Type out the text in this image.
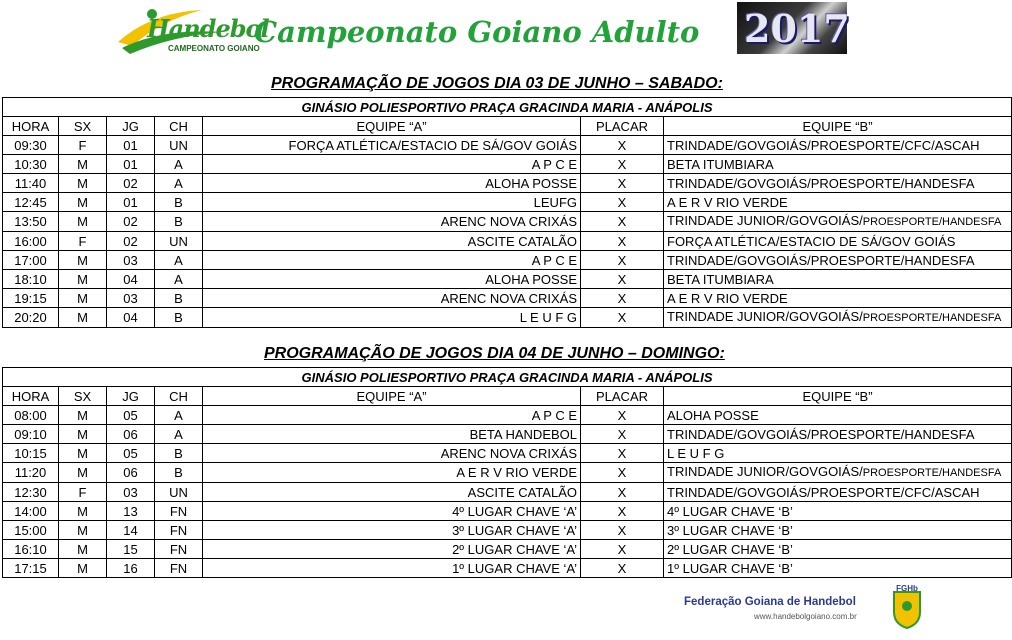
Handebol
CAMPEONATO GOIANO
Campeonato Goiano Adulto 2017
PROGRAMAÇÃO DE JOGOS DIA 03 DE JUNHO – SABADO:
GINÁSIO POLIESPORTIVO PRAÇA GRACINDA MARIA - ANÁPOLIS						
HORA	SX	JG	CH	EQUIPE “A”	PLACAR	EQUIPE “B”
09:30	F	01	UN	FORÇA ATLÉTICA/ESTACIO DE SÁ/GOV GOIÁS	X	TRINDADE/GOVGOIÁS/PROESPORTE/CFC/ASCAH
10:30	M	01	A	A P C E	X	BETA ITUMBIARA
11:40	M	02	A	ALOHA POSSE	X	TRINDADE/GOVGOIÁS/PROESPORTE/HANDESFA
12:45	M	01	B	LEUFG	X	A E R V RIO VERDE
13:50	M	02	B	ARENC NOVA CRIXÁS	X	TRINDADE JUNIOR/GOVGOIÁS/PROESPORTE/HANDESFA
16:00	F	02	UN	ASCITE CATALÃO	X	FORÇA ATLÉTICA/ESTACIO DE SÁ/GOV GOIÁS
17:00	M	03	A	A P C E	X	TRINDADE/GOVGOIÁS/PROESPORTE/HANDESFA
18:10	M	04	A	ALOHA POSSE	X	BETA ITUMBIARA
19:15	M	03	B	ARENC NOVA CRIXÁS	X	A E R V RIO VERDE
20:20	M	04	B	L E U F G	X	TRINDADE JUNIOR/GOVGOIÁS/PROESPORTE/HANDESFA
PROGRAMAÇÃO DE JOGOS DIA 04 DE JUNHO – DOMINGO:
GINÁSIO POLIESPORTIVO PRAÇA GRACINDA MARIA - ANÁPOLIS						
HORA	SX	JG	CH	EQUIPE “A”	PLACAR	EQUIPE “B”
08:00	M	05	A	A P C E	X	ALOHA POSSE
09:10	M	06	A	BETA HANDEBOL	X	TRINDADE/GOVGOIÁS/PROESPORTE/HANDESFA
10:15	M	05	B	ARENC NOVA CRIXÁS	X	L E U F G
11:20	M	06	B	A E R V RIO VERDE	X	TRINDADE JUNIOR/GOVGOIÁS/PROESPORTE/HANDESFA
12:30	F	03	UN	ASCITE CATALÃO	X	TRINDADE/GOVGOIÁS/PROESPORTE/CFC/ASCAH
14:00	M	13	FN	4º LUGAR CHAVE ‘A’	X	4º LUGAR CHAVE ‘B’
15:00	M	14	FN	3º LUGAR CHAVE ‘A’	X	3º LUGAR CHAVE ‘B’
16:10	M	15	FN	2º LUGAR CHAVE ‘A’	X	2º LUGAR CHAVE ‘B’
17:15	M	16	FN	1º LUGAR CHAVE ‘A’	X	1º LUGAR CHAVE ‘B’
Federação Goiana de Handebol
www.handebolgoiano.com.br
FGHb
